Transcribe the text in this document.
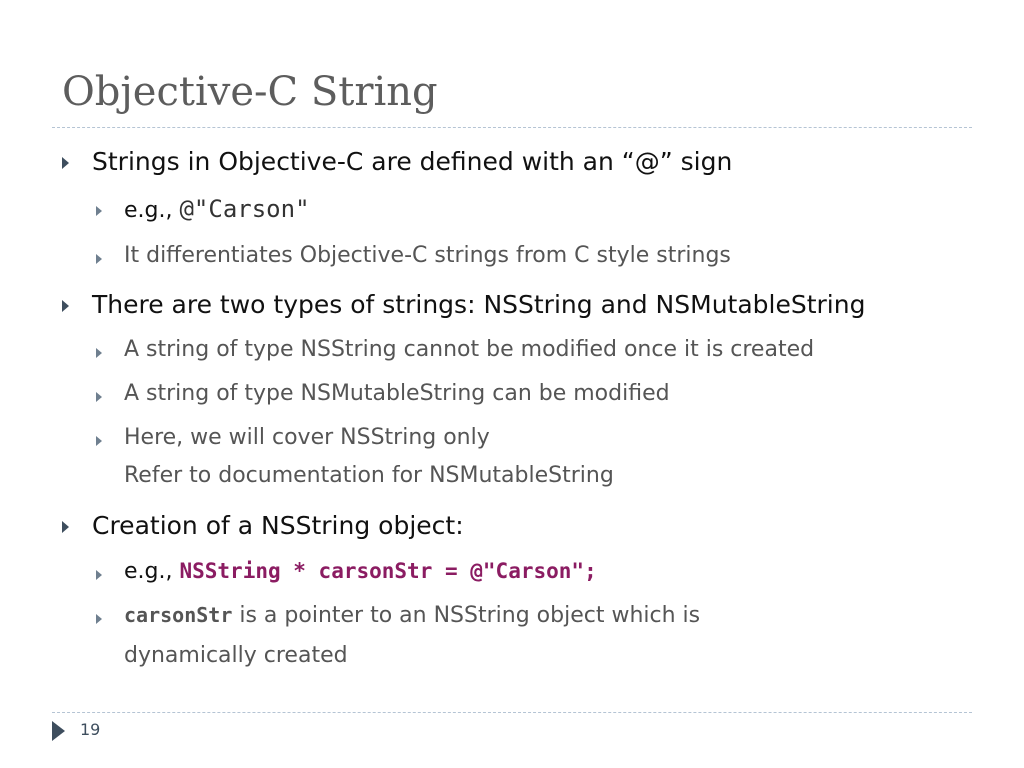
Objective-C String
Strings in Objective-C are defined with an “@” sign
e.g., @"Carson"
It differentiates Objective-C strings from C style strings
There are two types of strings: NSString and NSMutableString
A string of type NSString cannot be modified once it is created
A string of type NSMutableString can be modified
Here, we will cover NSString only
Refer to documentation for NSMutableString
Creation of a NSString object:
e.g., NSString * carsonStr = @"Carson";
carsonStr is a pointer to an NSString object which is
dynamically created
19
